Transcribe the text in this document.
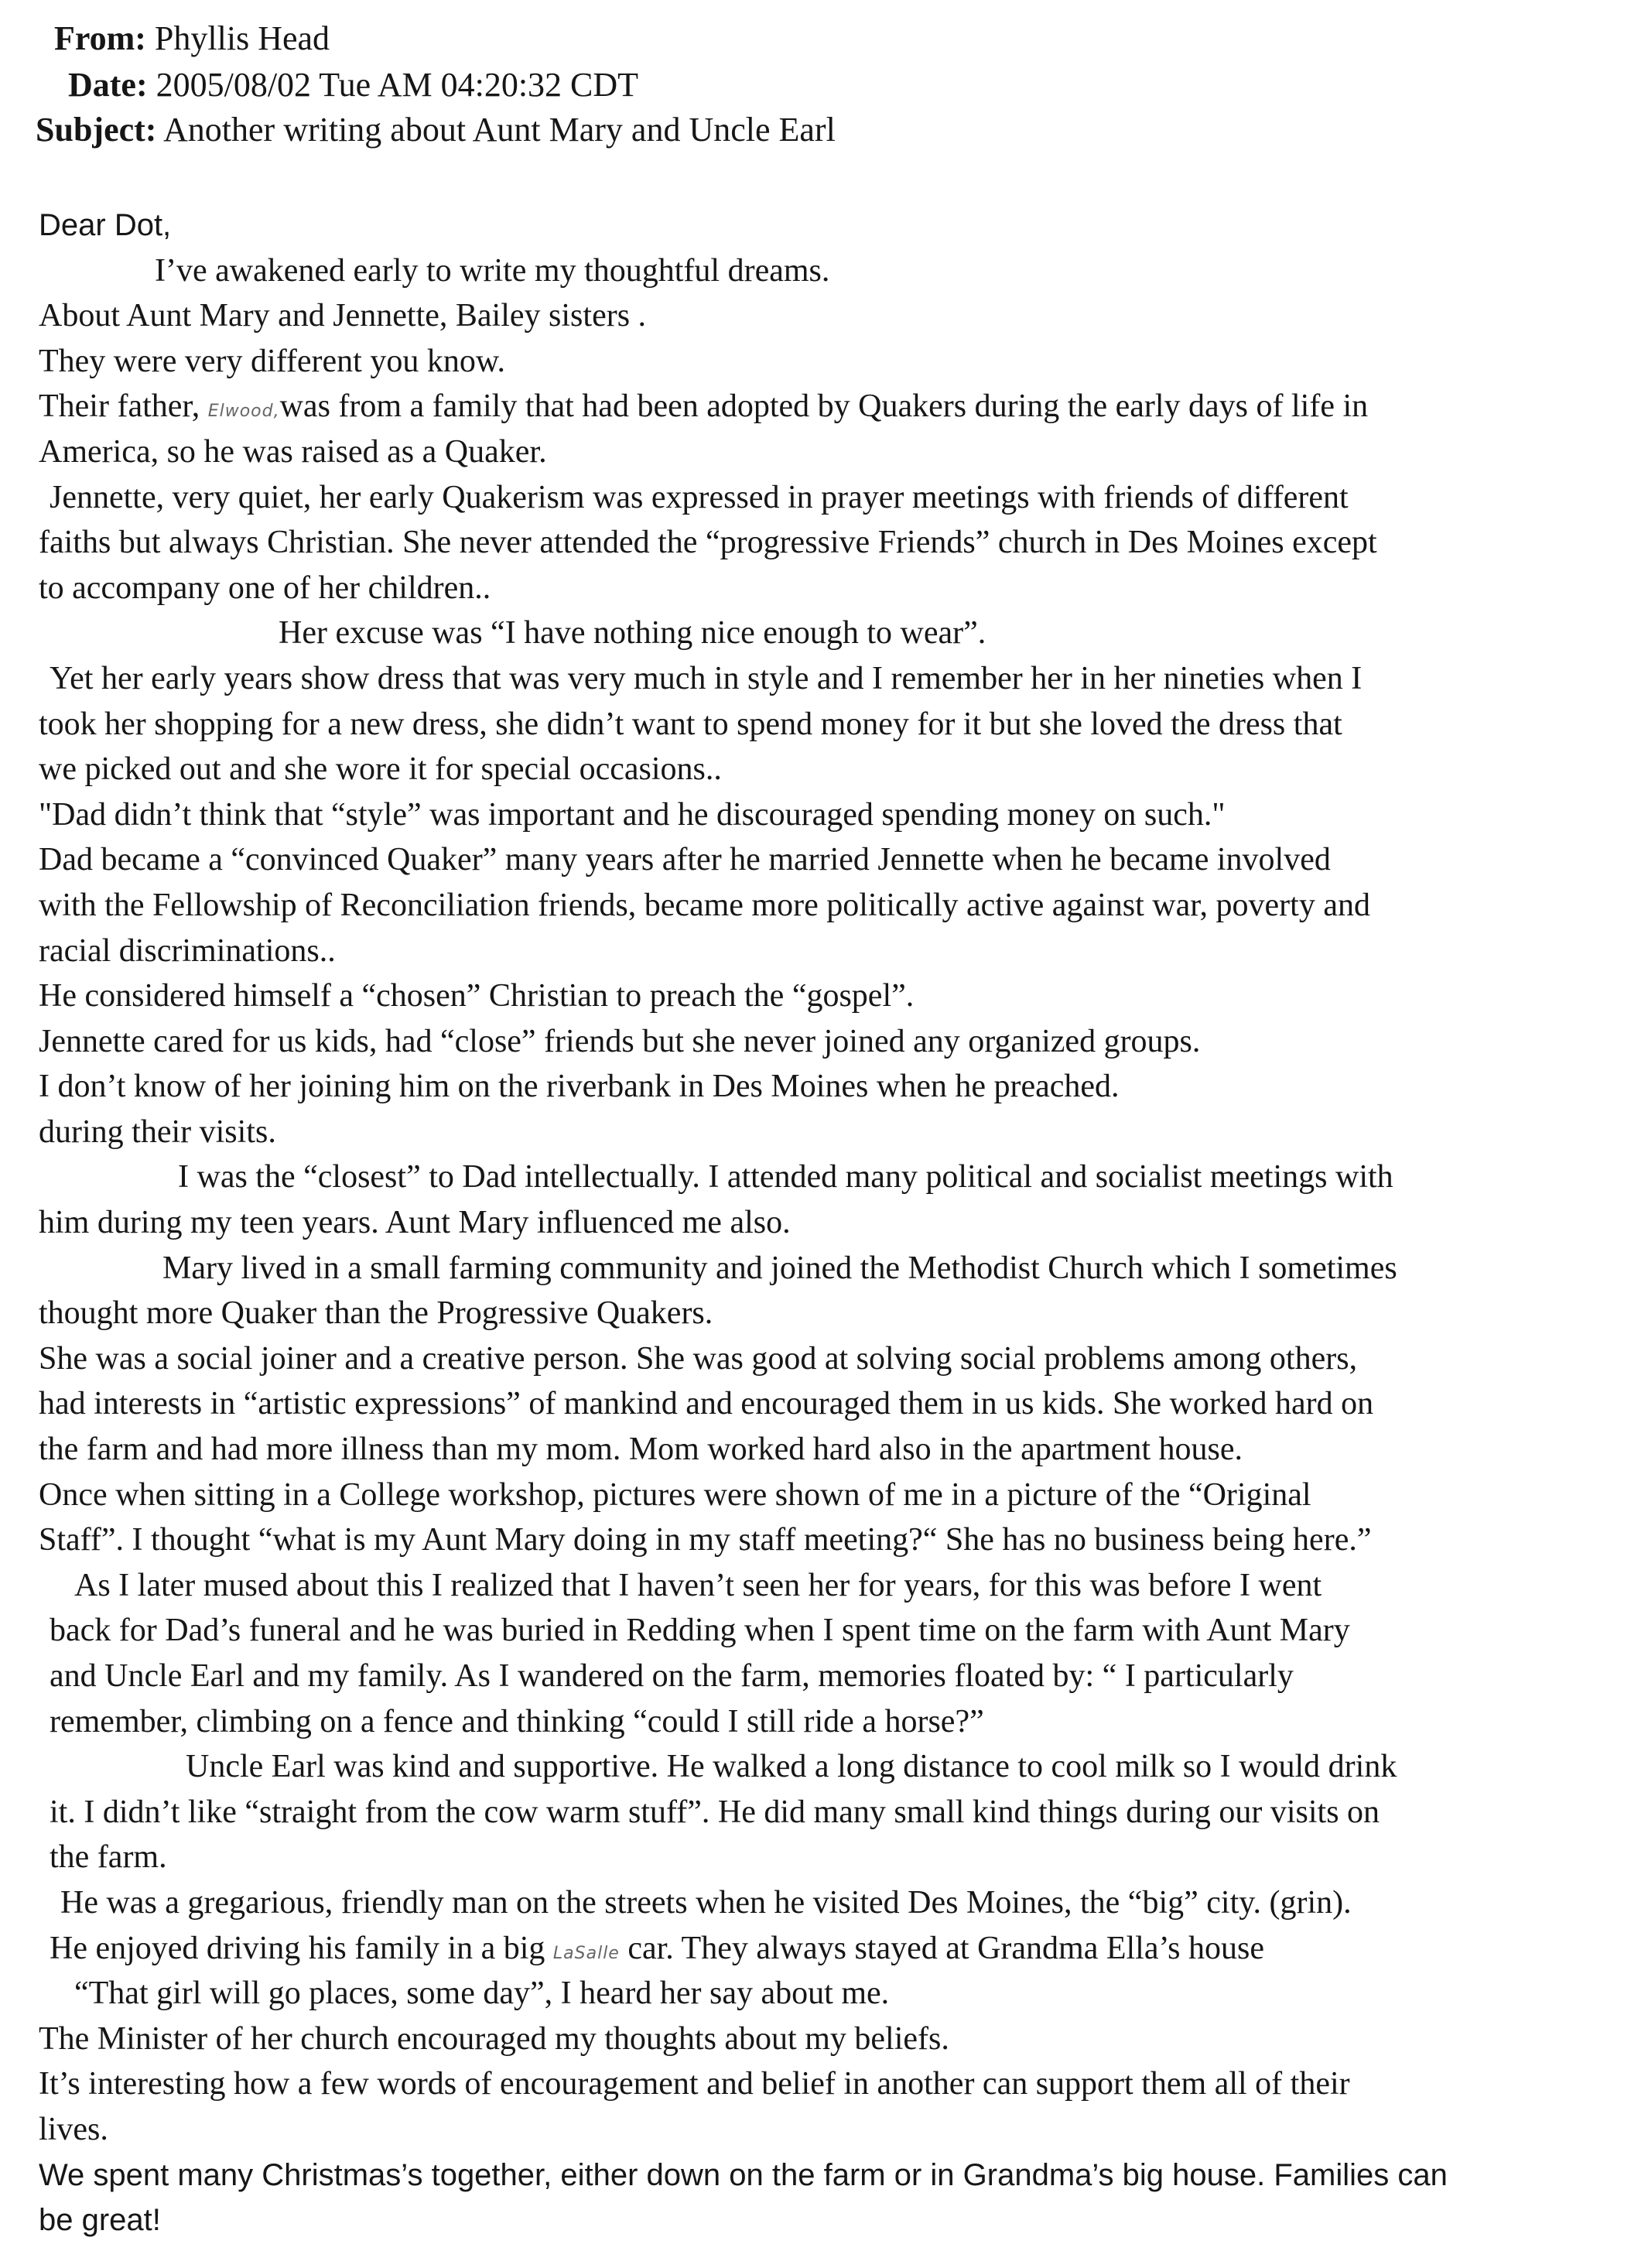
From: Phyllis Head
Date: 2005/08/02 Tue AM 04:20:32 CDT
Subject: Another writing about Aunt Mary and Uncle Earl
Dear Dot,
I’ve awakened early to write my thoughtful dreams.
About Aunt Mary and Jennette, Bailey sisters .
They were very different you know.
Their father, Elwood,was from a family that had been adopted by Quakers during the early days of life in
America, so he was raised as a Quaker.
Jennette, very quiet, her early Quakerism was expressed in prayer meetings with friends of different
faiths but always Christian. She never attended the “progressive Friends” church in Des Moines except
to accompany one of her children..
Her excuse was “I have nothing nice enough to wear”.
Yet her early years show dress that was very much in style and I remember her in her nineties when I
took her shopping for a new dress, she didn’t want to spend money for it but she loved the dress that
we picked out and she wore it for special occasions..
"Dad didn’t think that “style” was important and he discouraged spending money on such."
Dad became a “convinced Quaker” many years after he married Jennette when he became involved
with the Fellowship of Reconciliation friends, became more politically active against war, poverty and
racial discriminations..
He considered himself a “chosen” Christian to preach the “gospel”.
Jennette cared for us kids, had “close” friends but she never joined any organized groups.
I don’t know of her joining him on the riverbank in Des Moines when he preached.
during their visits.
I was the “closest” to Dad intellectually. I attended many political and socialist meetings with
him during my teen years. Aunt Mary influenced me also.
Mary lived in a small farming community and joined the Methodist Church which I sometimes
thought more Quaker than the Progressive Quakers.
She was a social joiner and a creative person. She was good at solving social problems among others,
had interests in “artistic expressions” of mankind and encouraged them in us kids. She worked hard on
the farm and had more illness than my mom. Mom worked hard also in the apartment house.
Once when sitting in a College workshop, pictures were shown of me in a picture of the “Original
Staff”. I thought “what is my Aunt Mary doing in my staff meeting?“ She has no business being here.”
As I later mused about this I realized that I haven’t seen her for years, for this was before I went
back for Dad’s funeral and he was buried in Redding when I spent time on the farm with Aunt Mary
and Uncle Earl and my family. As I wandered on the farm, memories floated by: “ I particularly
remember, climbing on a fence and thinking “could I still ride a horse?”
Uncle Earl was kind and supportive. He walked a long distance to cool milk so I would drink
it. I didn’t like “straight from the cow warm stuff”. He did many small kind things during our visits on
the farm.
He was a gregarious, friendly man on the streets when he visited Des Moines, the “big” city. (grin).
He enjoyed driving his family in a big LaSalle car. They always stayed at Grandma Ella’s house
“That girl will go places, some day”, I heard her say about me.
The Minister of her church encouraged my thoughts about my beliefs.
It’s interesting how a few words of encouragement and belief in another can support them all of their
lives.
We spent many Christmas’s together, either down on the farm or in Grandma’s big house. Families can
be great!
